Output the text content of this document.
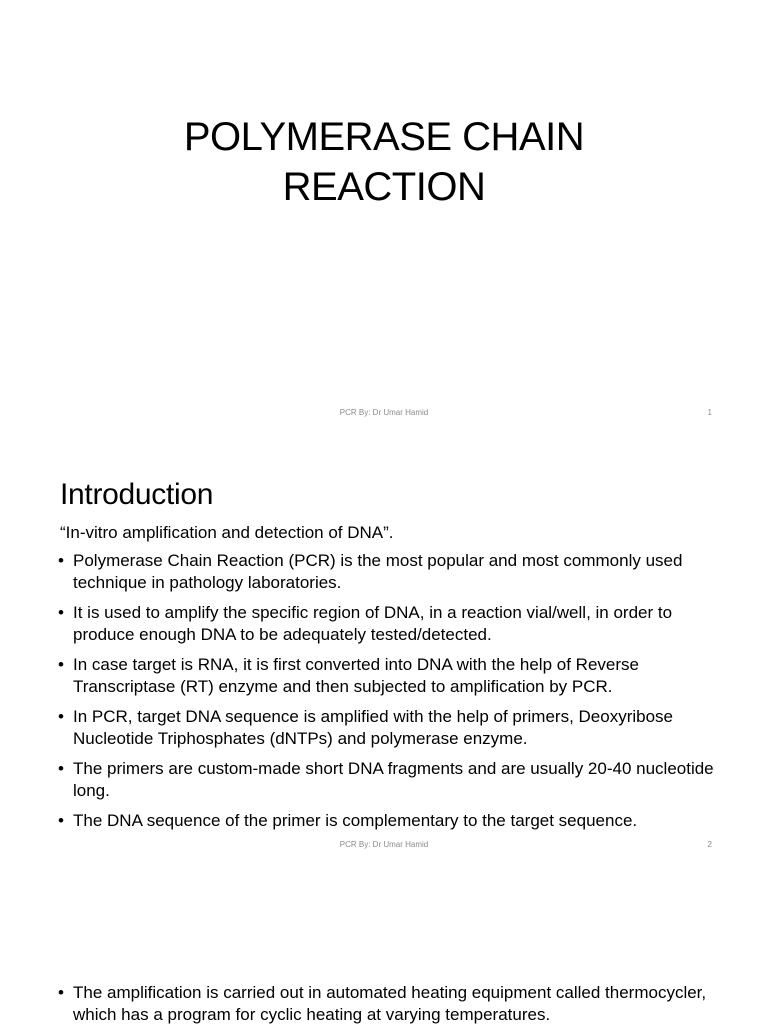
POLYMERASE CHAIN
REACTION
PCR By: Dr Umar Hamid	1
Introduction
“In-vitro amplification and detection of DNA”.
• Polymerase Chain Reaction (PCR) is the most popular and most commonly used technique in pathology laboratories.
• It is used to amplify the specific region of DNA, in a reaction vial/well, in order to produce enough DNA to be adequately tested/detected.
• In case target is RNA, it is first converted into DNA with the help of Reverse Transcriptase (RT) enzyme and then subjected to amplification by PCR.
• In PCR, target DNA sequence is amplified with the help of primers, Deoxyribose Nucleotide Triphosphates (dNTPs) and polymerase enzyme.
• The primers are custom-made short DNA fragments and are usually 20-40 nucleotide long.
• The DNA sequence of the primer is complementary to the target sequence.
PCR By: Dr Umar Hamid	2
• The amplification is carried out in automated heating equipment called thermocycler, which has a program for cyclic heating at varying temperatures.
